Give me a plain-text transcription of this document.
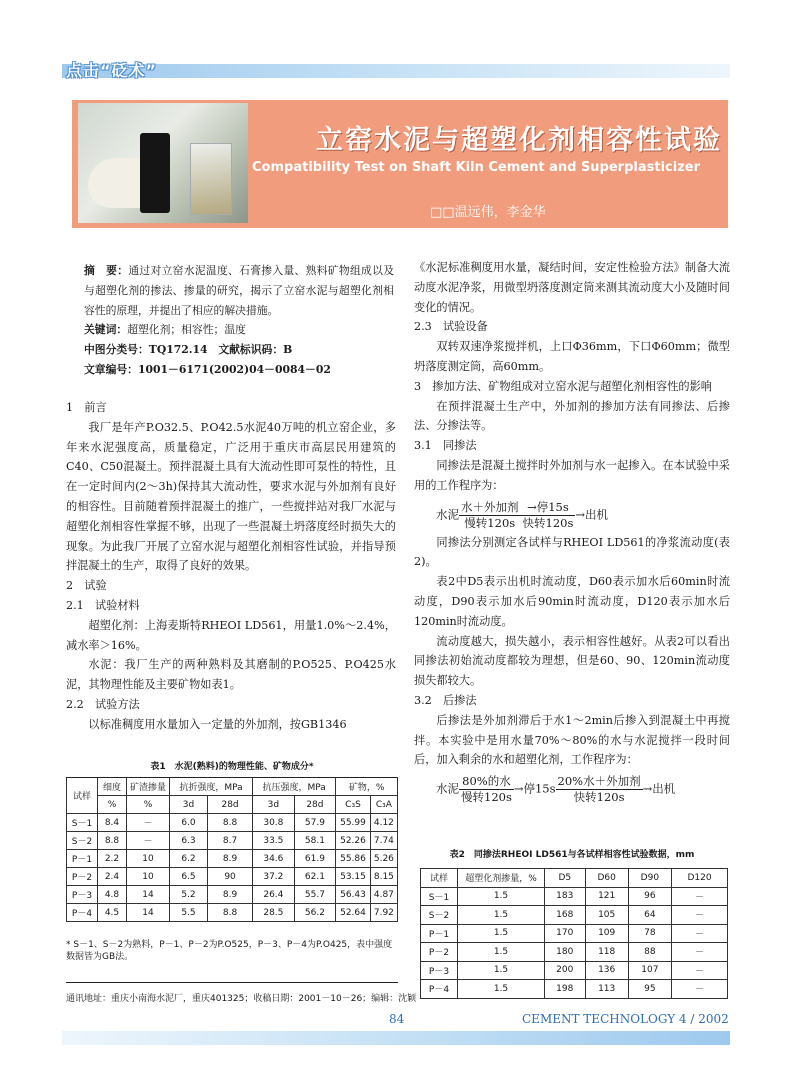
点击“砭术”
立窑水泥与超塑化剂相容性试验
Compatibility Test on Shaft Kiln Cement and Superplasticizer
□□温远伟，李金华

摘　要：通过对立窑水泥温度、石膏掺入量、熟料矿物组成以及与超塑化剂的掺法、掺量的研究，揭示了立窑水泥与超塑化剂相容性的原理，并提出了相应的解决措施。

关键词：超塑化剂；相容性；温度

中图分类号：TQ172.14　文献标识码：B

文章编号：1001－6171(2002)04－0084－02

1　前言

我厂是年产P.O32.5、P.O42.5水泥40万吨的机立窑企业，多年来水泥强度高，质量稳定，广泛用于重庆市高层民用建筑的C40、C50混凝土。预拌混凝土具有大流动性即可泵性的特性，且在一定时间内(2～3h)保持其大流动性，要求水泥与外加剂有良好的相容性。目前随着预拌混凝土的推广，一些搅拌站对我厂水泥与超塑化剂相容性掌握不够，出现了一些混凝土坍落度经时损失大的现象。为此我厂开展了立窑水泥与超塑化剂相容性试验，并指导预拌混凝土的生产，取得了良好的效果。

2　试验

2.1　试验材料

超塑化剂：上海麦斯特RHEOI LD561，用量1.0%～2.4%，减水率＞16%。

水泥：我厂生产的两种熟料及其磨制的P.O525、P.O425水泥，其物理性能及主要矿物如表1。

2.2　试验方法

以标准稠度用水量加入一定量的外加剂，按GB1346

表1　水泥(熟料)的物理性能、矿物成分*
试样	细度	矿渣掺量	抗折强度，MPa		抗压强度，MPa		矿物，%	
	%	%	3d	28d	3d	28d	C₃S	C₃A
S－1	8.4	－	6.0	8.8	30.8	57.9	55.99	4.12
S－2	8.8	－	6.3	8.7	33.5	58.1	52.26	7.74
P－1	2.2	10	6.2	8.9	34.6	61.9	55.86	5.26
P－2	2.4	10	6.5	90	37.2	62.1	53.15	8.15
P－3	4.8	14	5.2	8.9	26.4	55.7	56.43	4.87
P－4	4.5	14	5.5	8.8	28.5	56.2	52.64	7.92
* S－1、S－2为熟料，P－1、P－2为P.O525，P－3、P－4为P.O425，表中强度数据皆为GB法。

《水泥标准稠度用水量，凝结时间，安定性检验方法》制备大流动度水泥净浆，用微型坍落度测定筒来测其流动度大小及随时间变化的情况。

2.3　试验设备

双转双速净浆搅拌机，上口Φ36mm，下口Φ60mm；微型坍落度测定筒，高60mm。

3　掺加方法、矿物组成对立窑水泥与超塑化剂相容性的影响

在预拌混凝土生产中，外加剂的掺加方法有同掺法、后掺法、分掺法等。

3.1　同掺法

同掺法是混凝土搅拌时外加剂与水一起掺入。在本试验中采用的工作程序为：

水泥 $\frac{\text{水＋外加剂}}{\text{慢转120s}} \frac{\text{→停15s}}{\text{快转120s}}$ →出机

同掺法分别测定各试样与RHEOI LD561的净浆流动度(表2)。

表2中D5表示出机时流动度，D60表示加水后60min时流动度，D90表示加水后90min时流动度，D120表示加水后120min时流动度。

流动度越大，损失越小，表示相容性越好。从表2可以看出同掺法初始流动度都较为理想，但是60、90、120min流动度损失都较大。

3.2　后掺法

后掺法是外加剂滞后于水1～2min后掺入到混凝土中再搅拌。本实验中是用水量70%～80%的水与水泥搅拌一段时间后，加入剩余的水和超塑化剂，工作程序为：

水泥 $\frac{\text{80\%的水}}{\text{慢转120s}}$ →停$15s \frac{\text{20\%水＋外加剂}}{\text{快转120s}}$ →出机
表2　同掺法RHEOI LD561与各试样相容性试验数据，mm
试样	超塑化剂掺量，%	D5	D60	D90	D120
S－1	1.5	183	121	96	－
S－2	1.5	168	105	64	－
P－1	1.5	170	109	78	－
P－2	1.5	180	118	88	－
P－3	1.5	200	136	107	－
P－4	1.5	198	113	95	－
通讯地址：重庆小南海水泥厂，重庆401325；收稿日期：2001－10－26；编辑：沈颖
84	CEMENT TECHNOLOGY 4 / 2002
